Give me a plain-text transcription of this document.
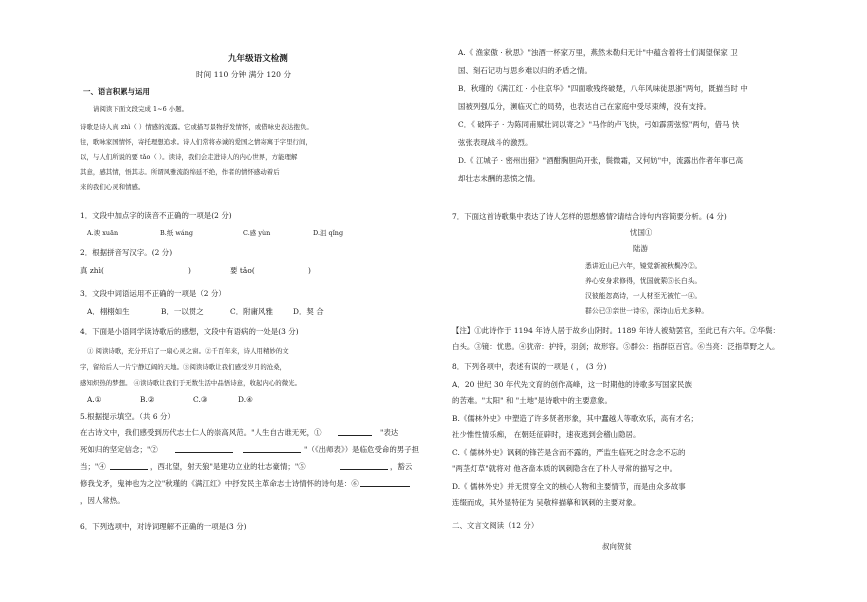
九年级语文检测
时间 110 分钟 满分 120 分
一、语言积累与运用
请阅读下面文段完成 1~6 小题。
诗歌是诗人真 zhì（ ）情感的流露。它或描写景物抒发情怀，或借咏史表达抱负。
往，歌咏家国情怀，寄托理想追求。诗人们常将赤诚的爱国之情寄寓于字里行间，
以，与人们所说的要 tǎo（ ）。读诗，我们会走进诗人的内心世界，方能理解
其意，感其情，悟其志。所谓风雅流韵绵延不绝，作者的情怀感动着后
来的我们心灵和情感。
1．文段中加点字的读音不正确的一项是(2 分)
A.谀 xuān	B.纸 wáng	C.感 yùn	D.沮 qǐng
2．根据拼音写汉字。(2 分)
真 zhì(	)	要 tǎo(	)
3．文段中词语运用不正确的一项是（2 分）
A．栩栩如生	B．一以贯之	C．附庸风雅	D．契 合
4．下面是小语同学读诗歌后的感想，文段中有语病的一处是(3 分)
① 阅读诗歌，充分开启了一扇心灵之窗。②千百年来，诗人用精妙的文
字，留给后人一片宁静辽阔的天地。③阅读诗歌让我们感受岁月的沧桑，
感知炽热的梦想。 ④读诗歌让我们于无数生活中品悟诗意，收起内心的微光。
A.①	B.②	C.③	D.④
5.根据提示填空。（共 6 分）
在古诗文中，我们感受到历代志士仁人的崇高风范。"人生自古谁无死，①	"表达
死如归的坚定信念；"②	"（《出师表》）是临危受命的男子担
当；"④	，西北望，射天狼"是建功立业的壮志豪情；"⑤	，豁云
修我戈矛，鬼神也为之泣"秋瑾的《满江红》中抒发民主革命志士诗情怀的诗句是：⑥
，因人常热。
6．下列选项中，对诗词理解不正确的一项是(3 分)
A.《 渔家傲 · 秋思》"浊酒一杯家万里，燕然未勒归无计"中蕴含着将士们渴望保家 卫
国、刻石记功与思乡难以归的矛盾之情。
B．秋瑾的《满江红 · 小住京华》"四面歌残终破楚，八年风味徒思浙"两句，既描当时 中
国被列强瓜分，濒临灭亡的局势，也表达自己在家庭中受尽束缚，没有支持。
C．《 破阵子 · 为陈同甫赋壮词以寄之》"马作的卢飞快，弓如霹雳弦惊"两句，借马 快
弦张表现战斗的激烈。
D.《 江城子 · 密州出猎》"酒酣胸胆尚开张，鬓微霜，又何妨"中，流露出作者年事已高
却壮志未酬的悲愤之情。
7．下面这首诗歌集中表达了诗人怎样的思想感情?请结合诗句内容简要分析。(4 分)
忧国①
陆游
悉讲近山已六年，镜觉新被秋鬓冷②。
养心安身求修得，忧国就萦⑤长白头。
汉彼能忽高诗，一人材至无被忙一④。
群公已③亲世一诗⑥，深诗山后尤多种。
【注】①此诗作于 1194 年诗人居于故乡山阴时。1189 年诗人被劾罢官，至此已有六年。②华鬓：
白头。③镜：忧患。④犹帝：护持，羽剑；故形容。⑤群公：指群臣百官。⑥当亮：泛指草野之人。
8．下列各项中，表述有误的一项是 ( ， (3 分)
A．20 世纪 30 年代先文育的创作高峰，这一时期他的诗歌多写国家民族
的苦难。"太阳" 和 "土地"是诗歌中的主要意象。
B.《儒林外史》中塑造了许多贤者形象，其中蠢越人等歌欢乐，高有才名；
社少惟性情乐痴， 在朝廷征辟时，速夜逃到会稽山隐居。
C.《 儒林外史》讽刺的锋芒是含而不露的，严监生临死之时念念不忘的
"两茎灯草"就将对 他吝啬本质的讽刺隐含在了朴人寻常的描写之中。
D.《 儒林外史》并无贯穿全文的核心人物和主要情节，而是由众多故事
连缀而成，其外显特征为 吴敬梓描摹和讽刺的主要对象。
二、文言文阅读（12 分）
叔向贺贫
